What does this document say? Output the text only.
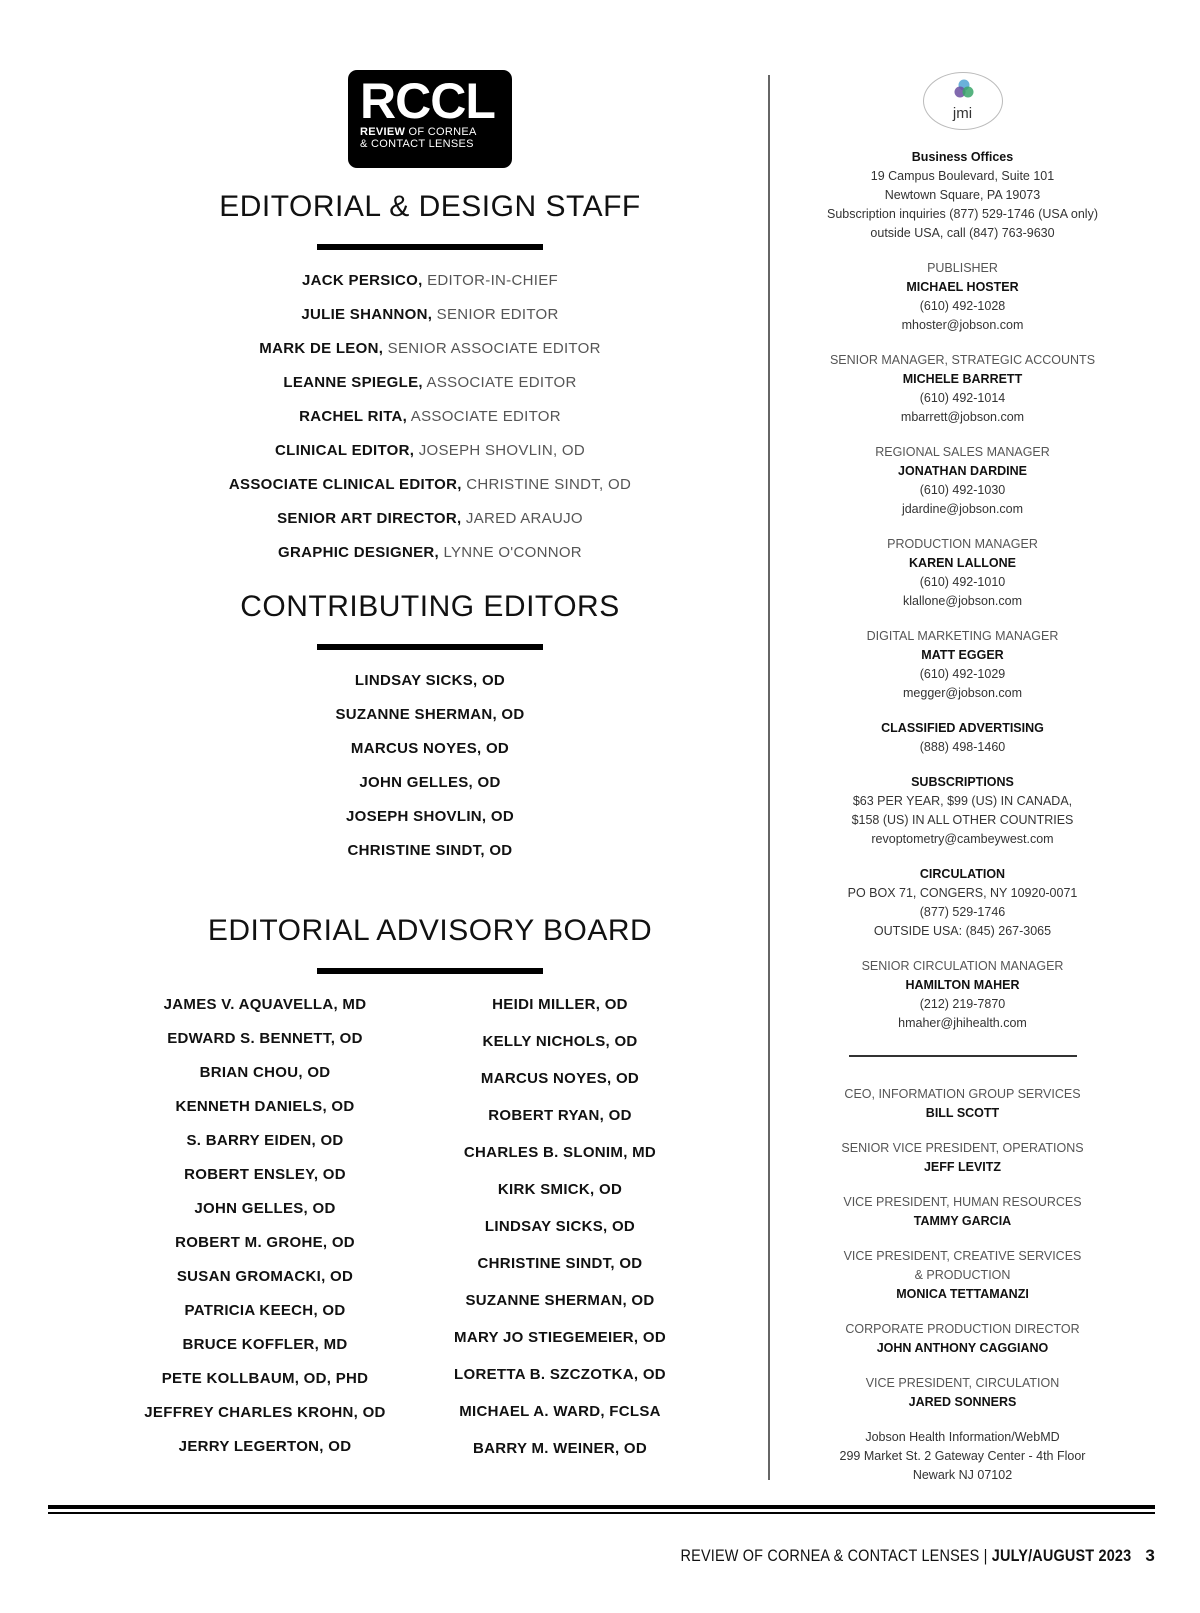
RCCL
REVIEW OF CORNEA
& CONTACT LENSES
EDITORIAL & DESIGN STAFF
JACK PERSICO, EDITOR-IN-CHIEF
JULIE SHANNON, SENIOR EDITOR
MARK DE LEON, SENIOR ASSOCIATE EDITOR
LEANNE SPIEGLE, ASSOCIATE EDITOR
RACHEL RITA, ASSOCIATE EDITOR
CLINICAL EDITOR, JOSEPH SHOVLIN, OD
ASSOCIATE CLINICAL EDITOR, CHRISTINE SINDT, OD
SENIOR ART DIRECTOR, JARED ARAUJO
GRAPHIC DESIGNER, LYNNE O'CONNOR
CONTRIBUTING EDITORS
LINDSAY SICKS, OD
SUZANNE SHERMAN, OD
MARCUS NOYES, OD
JOHN GELLES, OD
JOSEPH SHOVLIN, OD
CHRISTINE SINDT, OD
EDITORIAL ADVISORY BOARD
JAMES V. AQUAVELLA, MD
EDWARD S. BENNETT, OD
BRIAN CHOU, OD
KENNETH DANIELS, OD
S. BARRY EIDEN, OD
ROBERT ENSLEY, OD
JOHN GELLES, OD
ROBERT M. GROHE, OD
SUSAN GROMACKI, OD
PATRICIA KEECH, OD
BRUCE KOFFLER, MD
PETE KOLLBAUM, OD, PHD
JEFFREY CHARLES KROHN, OD
JERRY LEGERTON, OD
HEIDI MILLER, OD
KELLY NICHOLS, OD
MARCUS NOYES, OD
ROBERT RYAN, OD
CHARLES B. SLONIM, MD
KIRK SMICK, OD
LINDSAY SICKS, OD
CHRISTINE SINDT, OD
SUZANNE SHERMAN, OD
MARY JO STIEGEMEIER, OD
LORETTA B. SZCZOTKA, OD
MICHAEL A. WARD, FCLSA
BARRY M. WEINER, OD
jmi
Business Offices
19 Campus Boulevard, Suite 101
Newtown Square, PA 19073
Subscription inquiries (877) 529-1746 (USA only)
outside USA, call (847) 763-9630
PUBLISHER
MICHAEL HOSTER
(610) 492-1028
mhoster@jobson.com
SENIOR MANAGER, STRATEGIC ACCOUNTS
MICHELE BARRETT
(610) 492-1014
mbarrett@jobson.com
REGIONAL SALES MANAGER
JONATHAN DARDINE
(610) 492-1030
jdardine@jobson.com
PRODUCTION MANAGER
KAREN LALLONE
(610) 492-1010
klallone@jobson.com
DIGITAL MARKETING MANAGER
MATT EGGER
(610) 492-1029
megger@jobson.com
CLASSIFIED ADVERTISING
(888) 498-1460
SUBSCRIPTIONS
$63 PER YEAR, $99 (US) IN CANADA,
$158 (US) IN ALL OTHER COUNTRIES
revoptometry@cambeywest.com
CIRCULATION
PO BOX 71, CONGERS, NY 10920-0071
(877) 529-1746
OUTSIDE USA: (845) 267-3065
SENIOR CIRCULATION MANAGER
HAMILTON MAHER
(212) 219-7870
hmaher@jhihealth.com
CEO, INFORMATION GROUP SERVICES
BILL SCOTT
SENIOR VICE PRESIDENT, OPERATIONS
JEFF LEVITZ
VICE PRESIDENT, HUMAN RESOURCES
TAMMY GARCIA
VICE PRESIDENT, CREATIVE SERVICES
& PRODUCTION
MONICA TETTAMANZI
CORPORATE PRODUCTION DIRECTOR
JOHN ANTHONY CAGGIANO
VICE PRESIDENT, CIRCULATION
JARED SONNERS
Jobson Health Information/WebMD
299 Market St. 2 Gateway Center - 4th Floor
Newark NJ 07102
REVIEW OF CORNEA & CONTACT LENSES | JULY/AUGUST 2023 3
